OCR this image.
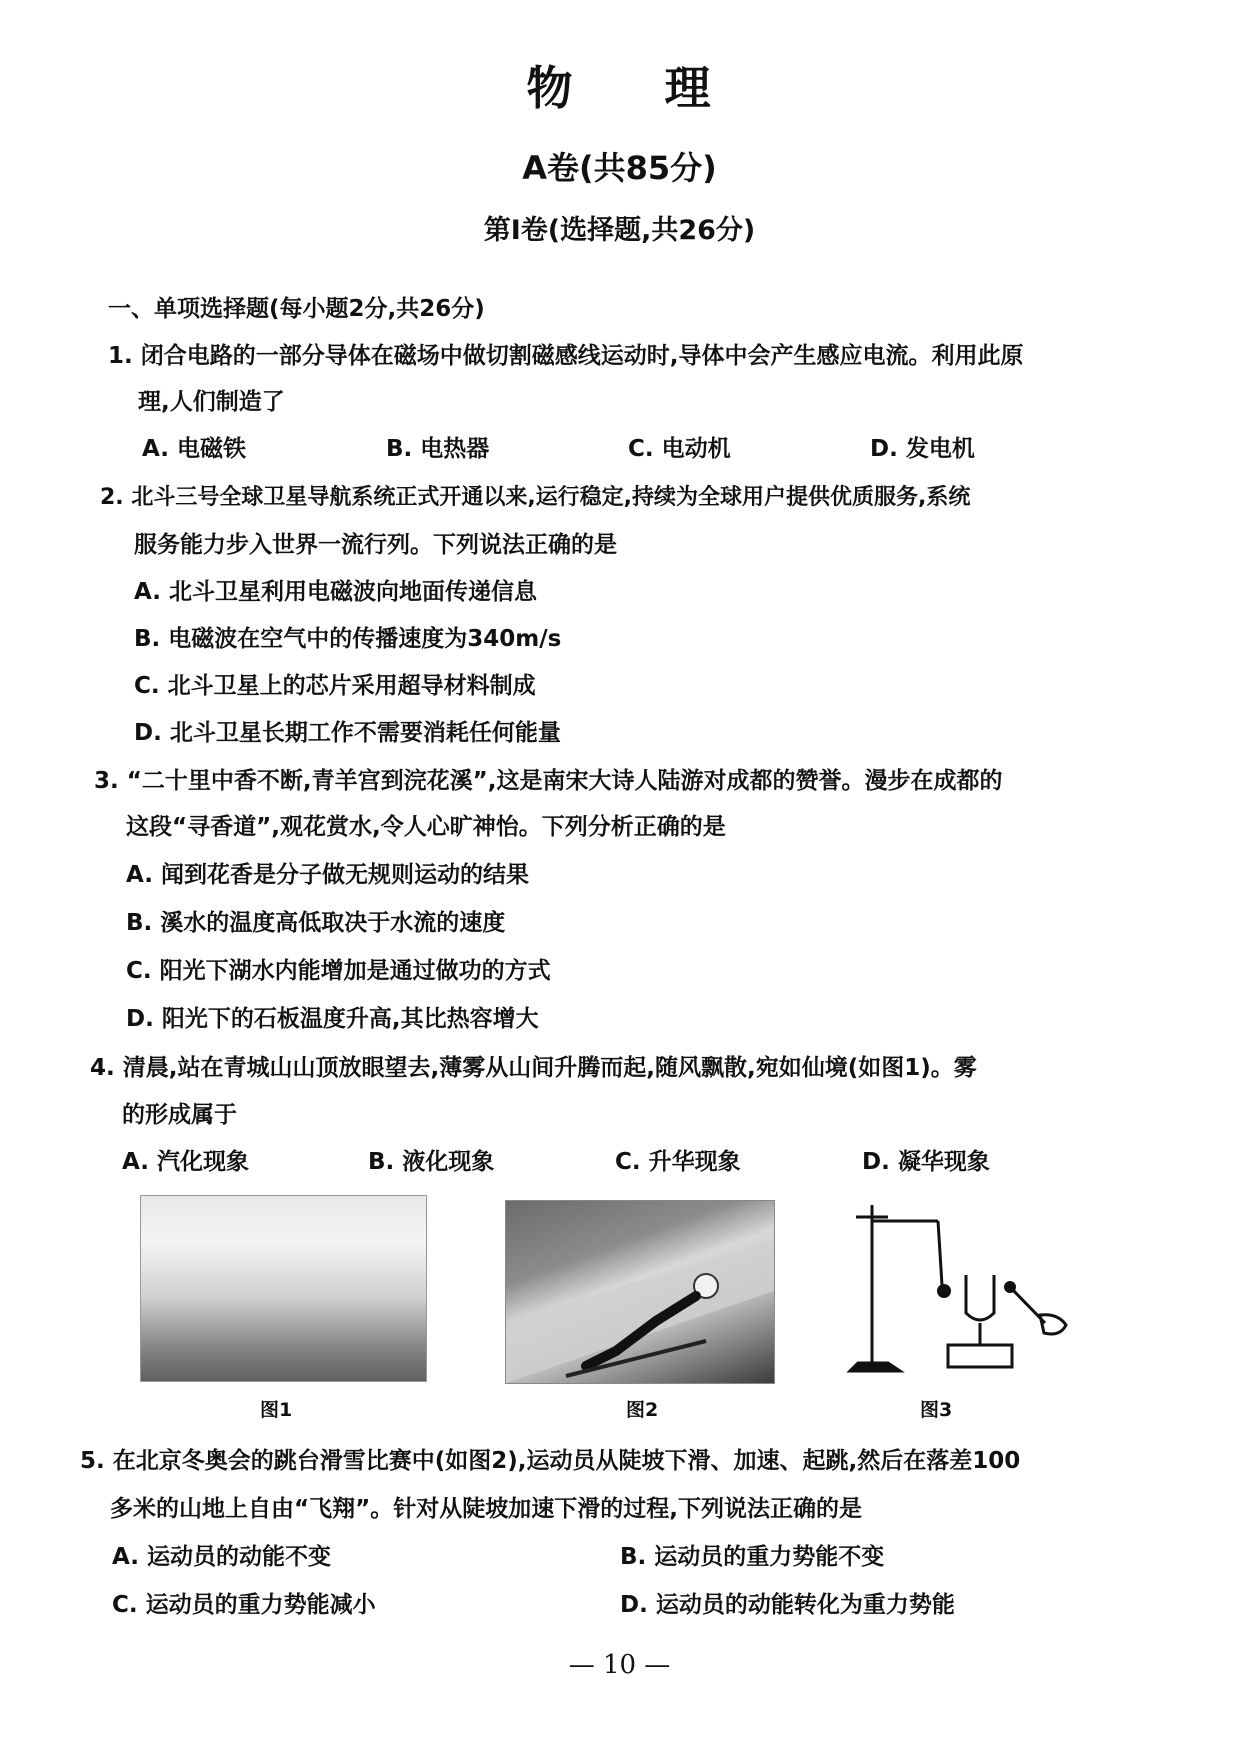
物 理
A卷(共85分)
第Ⅰ卷(选择题,共26分)
一、单项选择题(每小题2分,共26分)
1. 闭合电路的一部分导体在磁场中做切割磁感线运动时,导体中会产生感应电流。利用此原
理,人们制造了
A. 电磁铁	B. 电热器	C. 电动机	D. 发电机
2. 北斗三号全球卫星导航系统正式开通以来,运行稳定,持续为全球用户提供优质服务,系统
服务能力步入世界一流行列。下列说法正确的是
A. 北斗卫星利用电磁波向地面传递信息
B. 电磁波在空气中的传播速度为340m/s
C. 北斗卫星上的芯片采用超导材料制成
D. 北斗卫星长期工作不需要消耗任何能量
3. “二十里中香不断,青羊宫到浣花溪”,这是南宋大诗人陆游对成都的赞誉。漫步在成都的
这段“寻香道”,观花赏水,令人心旷神怡。下列分析正确的是
A. 闻到花香是分子做无规则运动的结果
B. 溪水的温度高低取决于水流的速度
C. 阳光下湖水内能增加是通过做功的方式
D. 阳光下的石板温度升高,其比热容增大
4. 清晨,站在青城山山顶放眼望去,薄雾从山间升腾而起,随风飘散,宛如仙境(如图1)。雾
的形成属于
A. 汽化现象	B. 液化现象	C. 升华现象	D. 凝华现象
图1	图2	图3
5. 在北京冬奥会的跳台滑雪比赛中(如图2),运动员从陡坡下滑、加速、起跳,然后在落差100
多米的山地上自由“飞翔”。针对从陡坡加速下滑的过程,下列说法正确的是
A. 运动员的动能不变	B. 运动员的重力势能不变
C. 运动员的重力势能减小	D. 运动员的动能转化为重力势能
— 10 —
